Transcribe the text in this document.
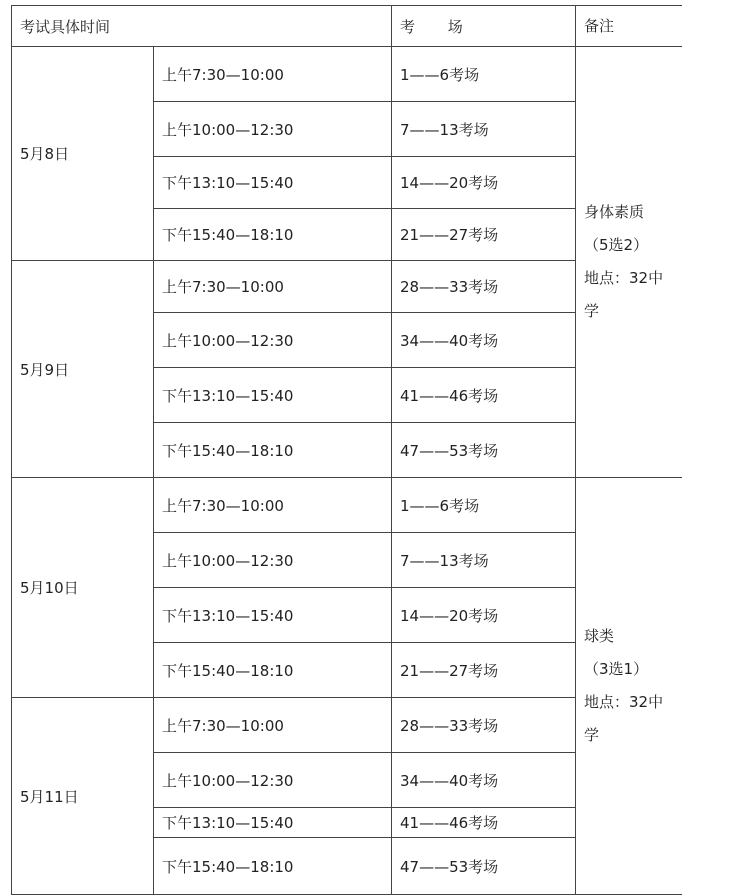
考试具体时间		考 场	备注
5月8日	上午7:30—10:00	1——6考场	身体素质
（5选2）
地点：32中
学

	上午10:00—12:30	7——13考场	
	下午13:10—15:40	14——20考场	
	下午15:40—18:10	21——27考场	
5月9日	上午7:30—10:00	28——33考场	
	上午10:00—12:30	34——40考场	
	下午13:10—15:40	41——46考场	
	下午15:40—18:10	47——53考场	
5月10日	上午7:30—10:00	1——6考场	球类
（3选1）
地点：32中
学

	上午10:00—12:30	7——13考场	
	下午13:10—15:40	14——20考场	
	下午15:40—18:10	21——27考场	
5月11日	上午7:30—10:00	28——33考场	
	上午10:00—12:30	34——40考场	
	下午13:10—15:40	41——46考场	
	下午15:40—18:10	47——53考场	
